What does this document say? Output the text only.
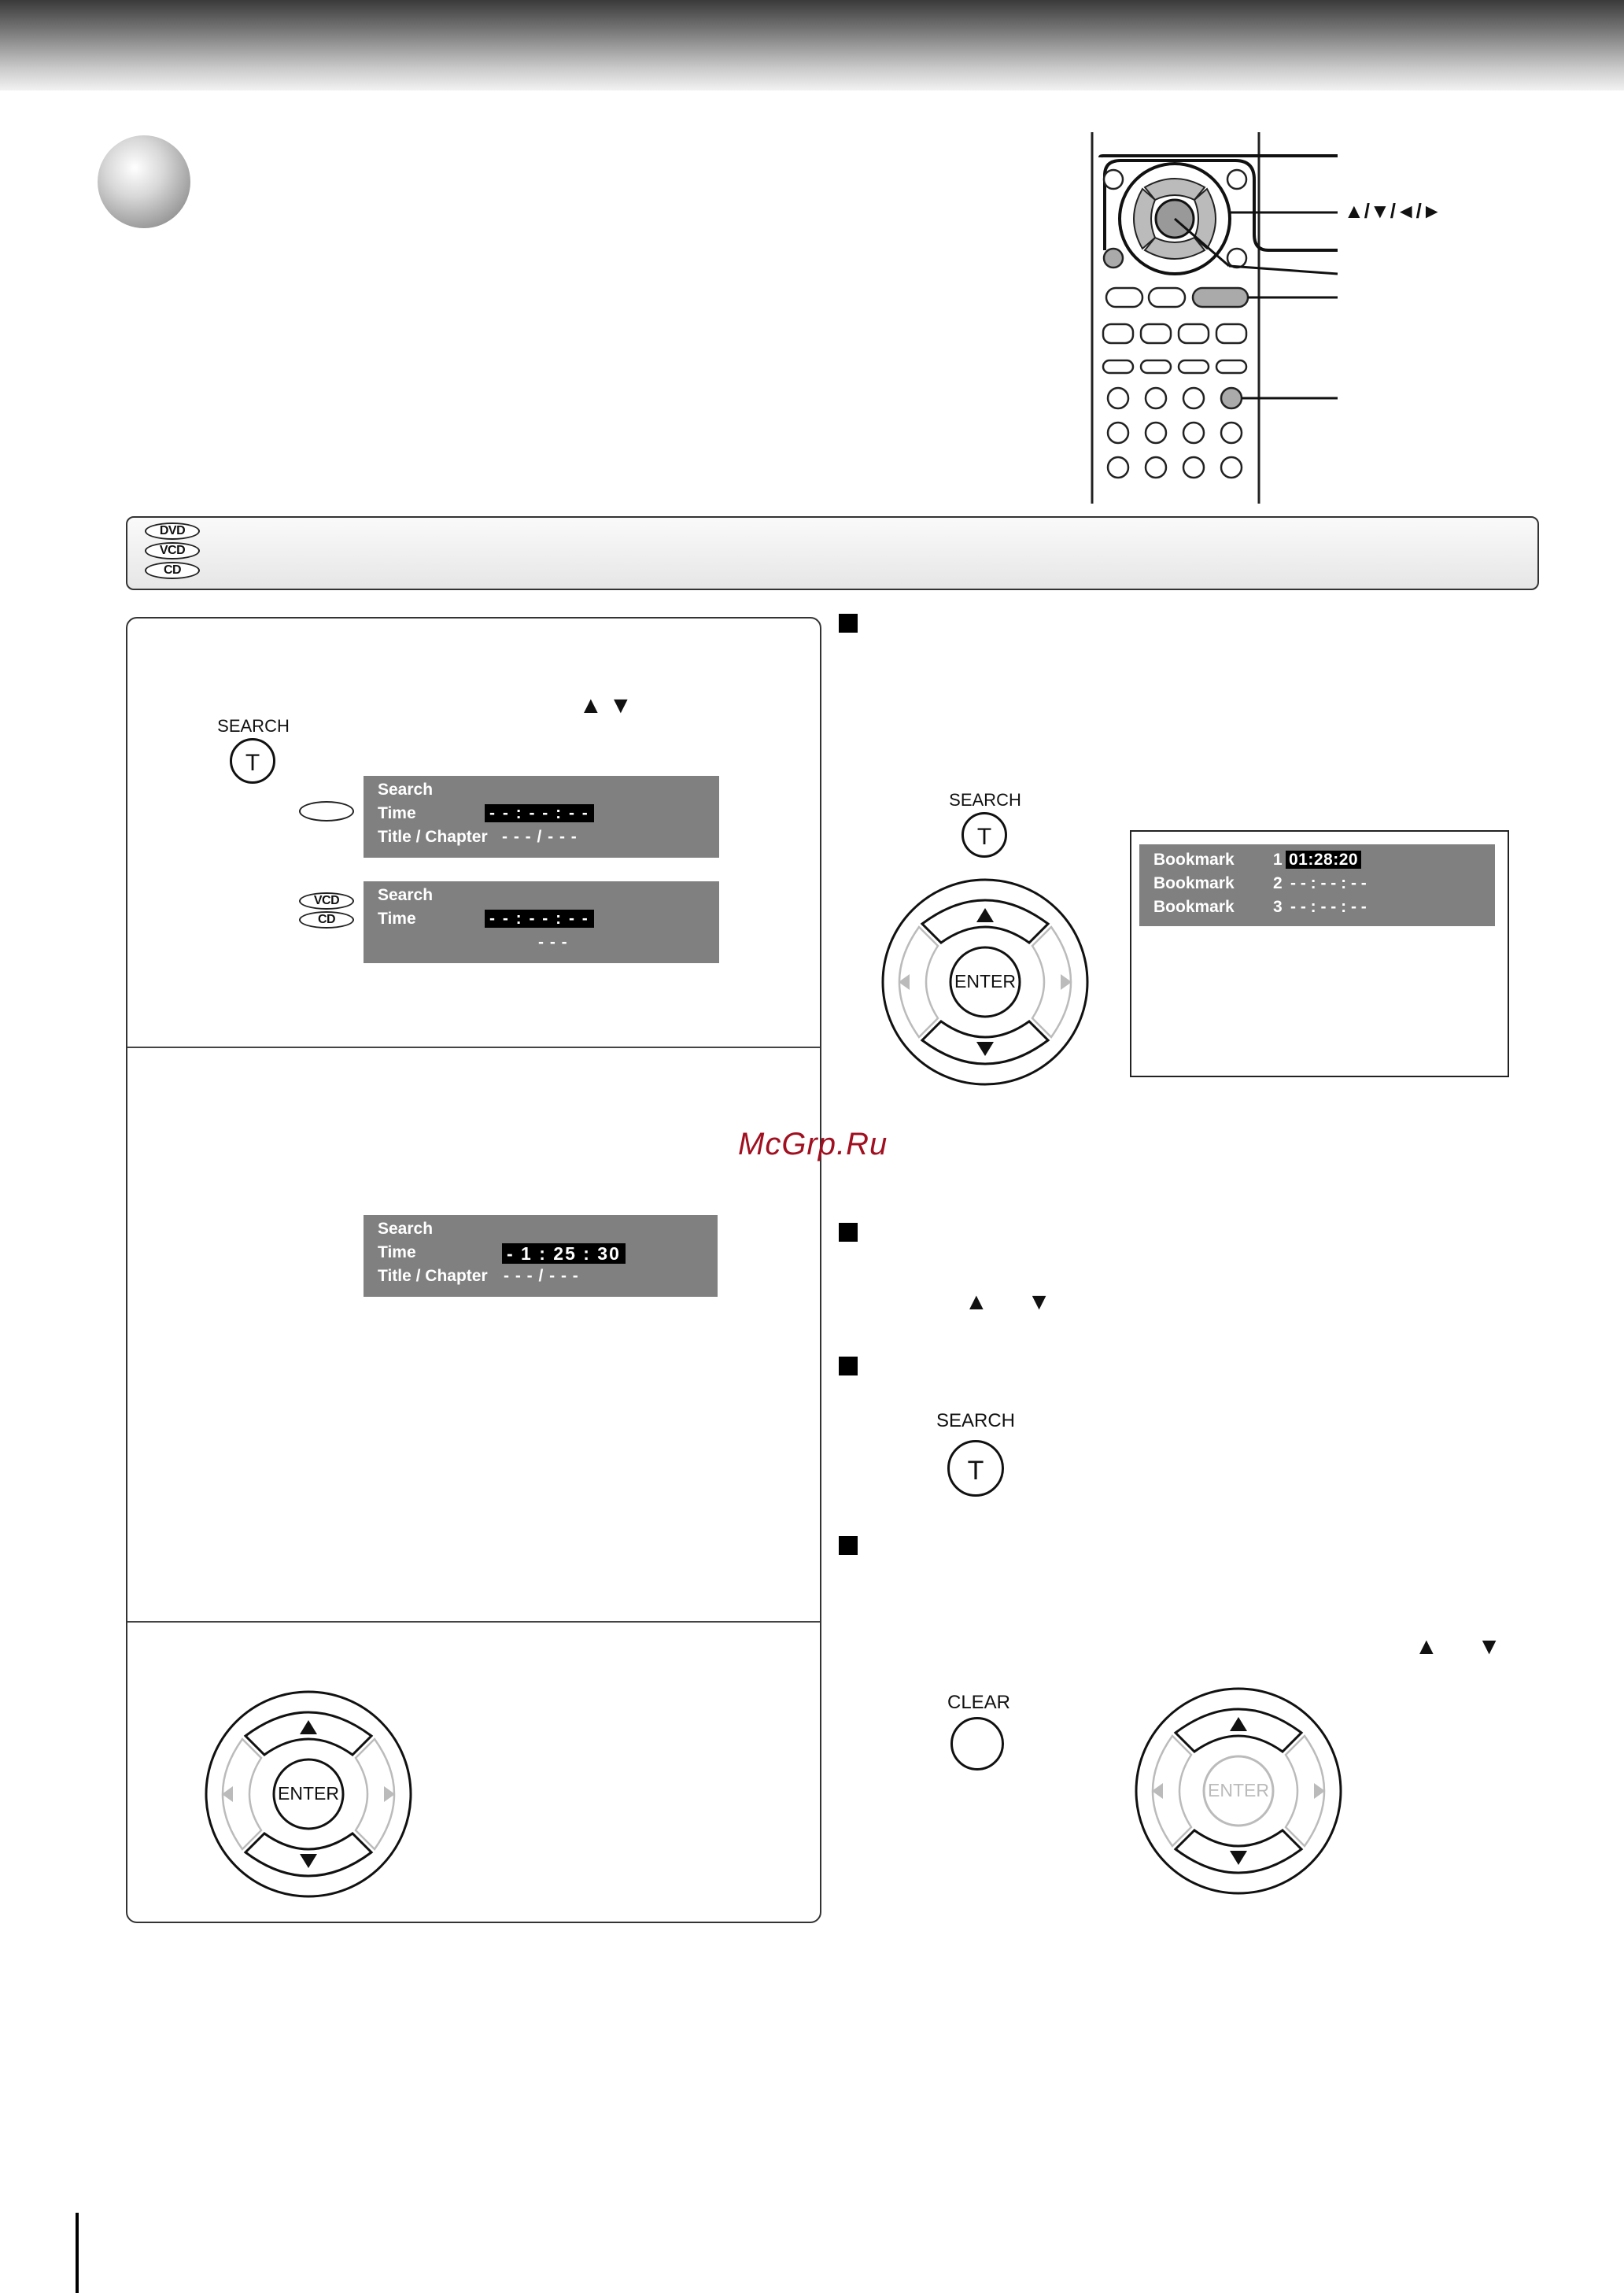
▲/▼/◄/►
DVD
VCD
CD
▲ ▼
SEARCH
T
Search
Time	- - : - - : - -
Title / Chapter - - - / - - -
VCD
CD
Search
Time	- - : - - : - -
- - -
Search
Time	- 1 : 25 : 30
Title / Chapter - - - / - - -
ENTER
SEARCH
T
ENTER
Bookmark 1 01:28:20
Bookmark 2 - - : - - : - -
Bookmark 3 - - : - - : - -
McGrp.Ru
▲      ▼
SEARCH
T
▲      ▼
CLEAR
ENTER
